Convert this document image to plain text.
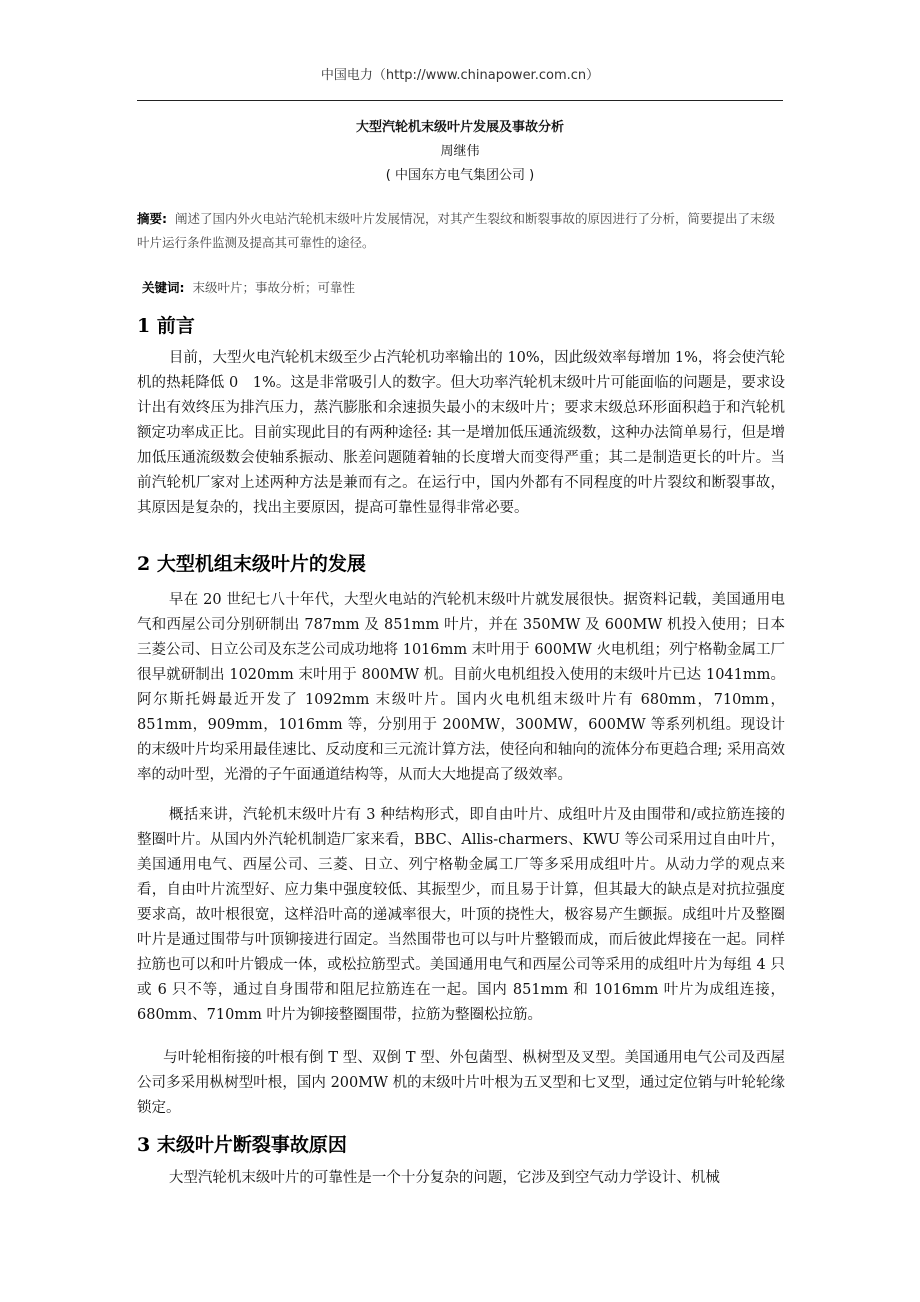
中国电力（http://www.chinapower.com.cn）
大型汽轮机末级叶片发展及事故分析
周继伟
( 中国东方电气集团公司 )
摘要: 阐述了国内外火电站汽轮机末级叶片发展情况，对其产生裂纹和断裂事故的原因进行了分析，简要提出了末级叶片运行条件监测及提高其可靠性的途径。
关键词: 末级叶片；事故分析；可靠性
1 前言

目前，大型火电汽轮机末级至少占汽轮机功率输出的 10%，因此级效率每增加 1%，将会使汽轮机的热耗降低 0　1%。这是非常吸引人的数字。但大功率汽轮机末级叶片可能面临的问题是，要求设计出有效终压为排汽压力，蒸汽膨胀和余速损失最小的末级叶片；要求末级总环形面积趋于和汽轮机额定功率成正比。目前实现此目的有两种途径: 其一是增加低压通流级数，这种办法简单易行，但是增加低压通流级数会使轴系振动、胀差问题随着轴的长度增大而变得严重；其二是制造更长的叶片。当前汽轮机厂家对上述两种方法是兼而有之。在运行中，国内外都有不同程度的叶片裂纹和断裂事故，其原因是复杂的，找出主要原因，提高可靠性显得非常必要。

2 大型机组末级叶片的发展

早在 20 世纪七八十年代，大型火电站的汽轮机末级叶片就发展很快。据资料记载，美国通用电气和西屋公司分别研制出 787mm 及 851mm 叶片，并在 350MW 及 600MW 机投入使用；日本三菱公司、日立公司及东芝公司成功地将 1016mm 末叶用于 600MW 火电机组；列宁格勒金属工厂很早就研制出 1020mm 末叶用于 800MW 机。目前火电机组投入使用的末级叶片已达 1041mm。阿尔斯托姆最近开发了 1092mm 末级叶片。国内火电机组末级叶片有 680mm，710mm，851mm，909mm，1016mm 等，分别用于 200MW，300MW，600MW 等系列机组。现设计的末级叶片均采用最佳速比、反动度和三元流计算方法，使径向和轴向的流体分布更趋合理; 采用高效率的动叶型，光滑的子午面通道结构等，从而大大地提高了级效率。

概括来讲，汽轮机末级叶片有 3 种结构形式，即自由叶片、成组叶片及由围带和/或拉筋连接的整圈叶片。从国内外汽轮机制造厂家来看，BBC、Allis-charmers、KWU 等公司采用过自由叶片，美国通用电气、西屋公司、三菱、日立、列宁格勒金属工厂等多采用成组叶片。从动力学的观点来看，自由叶片流型好、应力集中强度较低、其振型少，而且易于计算，但其最大的缺点是对抗拉强度要求高，故叶根很宽，这样沿叶高的递减率很大，叶顶的挠性大，极容易产生颤振。成组叶片及整圈叶片是通过围带与叶顶铆接进行固定。当然围带也可以与叶片整锻而成，而后彼此焊接在一起。同样拉筋也可以和叶片锻成一体，或松拉筋型式。美国通用电气和西屋公司等采用的成组叶片为每组 4 只或 6 只不等，通过自身围带和阻尼拉筋连在一起。国内 851mm 和 1016mm 叶片为成组连接，680mm、710mm 叶片为铆接整圈围带，拉筋为整圈松拉筋。

与叶轮相衔接的叶根有倒 T 型、双倒 T 型、外包菌型、枞树型及叉型。美国通用电气公司及西屋公司多采用枞树型叶根，国内 200MW 机的末级叶片叶根为五叉型和七叉型，通过定位销与叶轮轮缘锁定。

3 末级叶片断裂事故原因

大型汽轮机末级叶片的可靠性是一个十分复杂的问题，它涉及到空气动力学设计、机械
